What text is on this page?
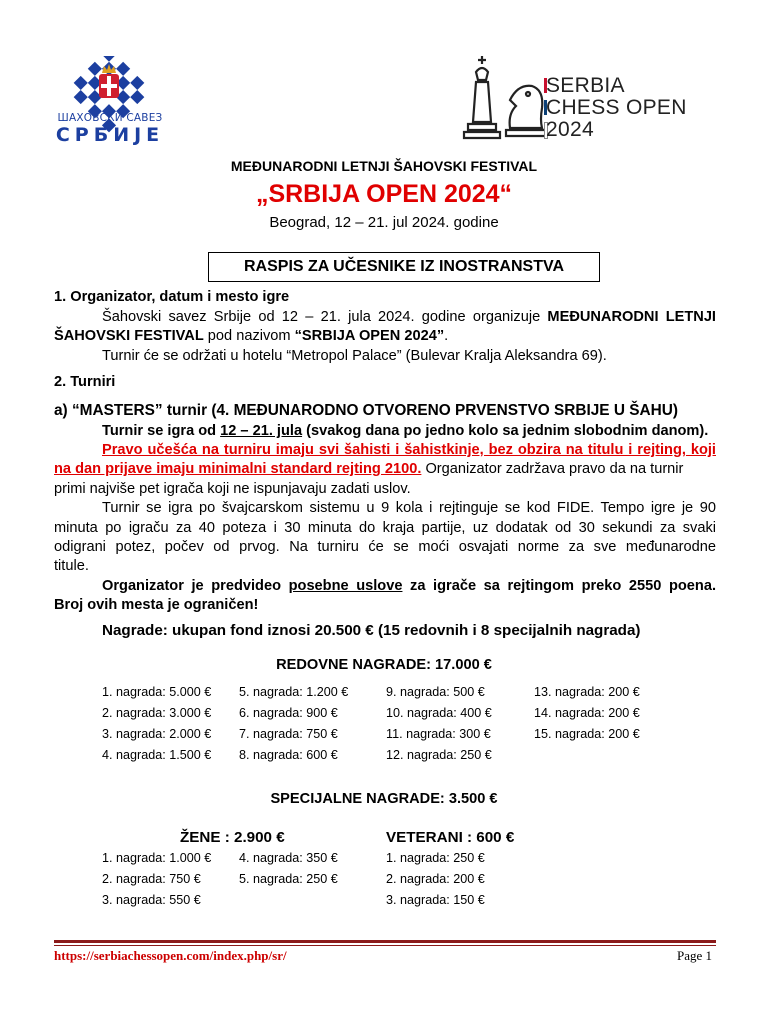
ШАХОВСКИ САВЕЗ
СРБИЈЕ
SERBIA
CHESS OPEN
2024
MEĐUNARODNI LETNJI ŠAHOVSKI FESTIVAL
„SRBIJA OPEN 2024“
Beograd, 12 – 21. jul 2024. godine
RASPIS ZA UČESNIKE IZ INOSTRANSTVA
1. Organizator, datum i mesto igre
Šahovski savez Srbije od 12 – 21. jula 2024. godine organizuje MEĐUNARODNI LETNJI
ŠAHOVSKI FESTIVAL pod nazivom “SRBIJA OPEN 2024”.
Turnir će se održati u hotelu “Metropol Palace” (Bulevar Kralja Aleksandra 69).
2. Turniri
a) “MASTERS” turnir (4. MEĐUNARODNO OTVORENO PRVENSTVO SRBIJE U ŠAHU)
Turnir se igra od 12 – 21. jula (svakog dana po jedno kolo sa jednim slobodnim danom).
Pravo učešća na turniru imaju svi šahisti i šahistkinje, bez obzira na titulu i rejting, koji
na dan prijave imaju minimalni standard rejting 2100. Organizator zadržava pravo da na turnir
primi najviše pet igrača koji ne ispunjavaju zadati uslov.
Turnir se igra po švajcarskom sistemu u 9 kola i rejtinguje se kod FIDE. Tempo igre je 90
minuta po igraču za 40 poteza i 30 minuta do kraja partije, uz dodatak od 30 sekundi za svaki
odigrani potez, počev od prvog. Na turniru će se moći osvajati norme za sve međunarodne
titule.
Organizator je predvideo posebne uslove za igrače sa rejtingom preko 2550 poena.
Broj ovih mesta je ograničen!
Nagrade: ukupan fond iznosi 20.500 € (15 redovnih i 8 specijalnih nagrada)
REDOVNE NAGRADE: 17.000 €
1. nagrada: 5.000 €
2. nagrada: 3.000 €
3. nagrada: 2.000 €
4. nagrada: 1.500 €
5. nagrada: 1.200 €
6. nagrada: 900 €
7. nagrada: 750 €
8. nagrada: 600 €
9. nagrada: 500 €
10. nagrada: 400 €
11. nagrada: 300 €
12. nagrada: 250 €
13. nagrada: 200 €
14. nagrada: 200 €
15. nagrada: 200 €
SPECIJALNE NAGRADE: 3.500 €
ŽENE : 2.900 €	VETERANI : 600 €
1. nagrada: 1.000 €
2. nagrada: 750 €
3. nagrada: 550 €
4. nagrada: 350 €
5. nagrada: 250 €
1. nagrada: 250 €
2. nagrada: 200 €
3. nagrada: 150 €
https://serbiachessopen.com/index.php/sr/	Page 1
